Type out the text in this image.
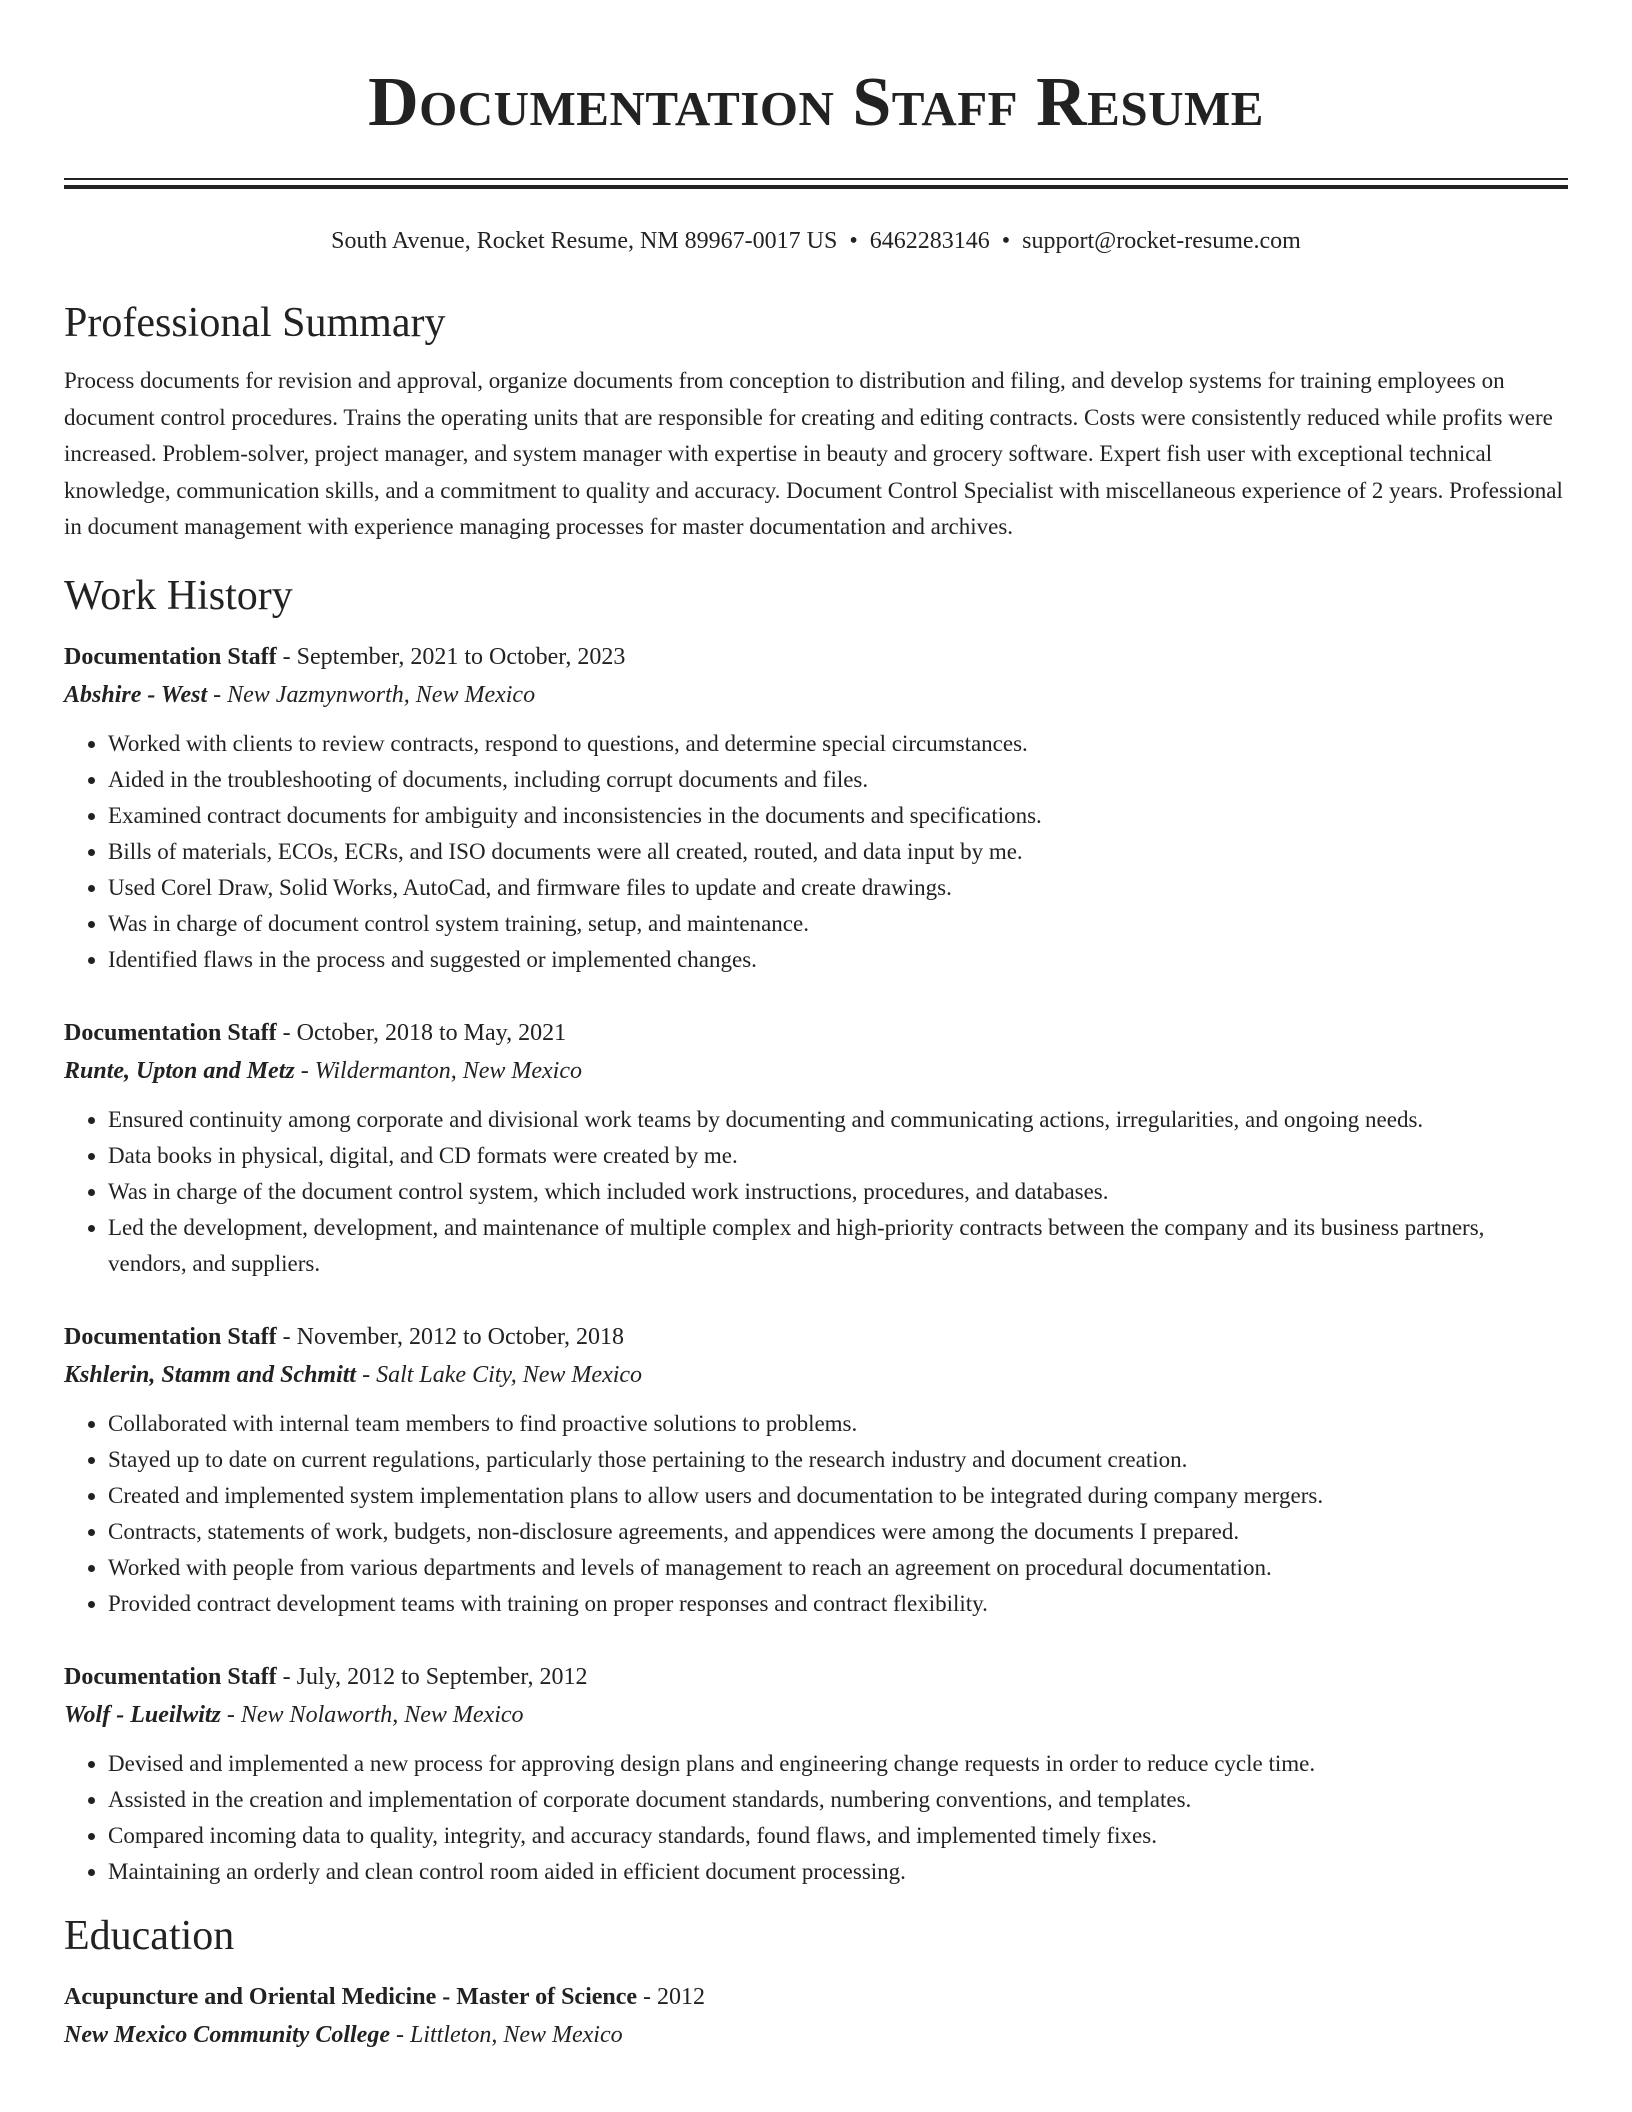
Documentation Staff Resume
South Avenue, Rocket Resume, NM 89967-0017 US • 6462283146 • support@rocket-resume.com
Professional Summary

Process documents for revision and approval, organize documents from conception to distribution and filing, and develop systems for training employees on document control procedures. Trains the operating units that are responsible for creating and editing contracts. Costs were consistently reduced while profits were increased. Problem-solver, project manager, and system manager with expertise in beauty and grocery software. Expert fish user with exceptional technical knowledge, communication skills, and a commitment to quality and accuracy. Document Control Specialist with miscellaneous experience of 2 years. Professional in document management with experience managing processes for master documentation and archives.

Work History
Documentation Staff - September, 2021 to October, 2023
Abshire - West - New Jazmynworth, New Mexico
• Worked with clients to review contracts, respond to questions, and determine special circumstances.
• Aided in the troubleshooting of documents, including corrupt documents and files.
• Examined contract documents for ambiguity and inconsistencies in the documents and specifications.
• Bills of materials, ECOs, ECRs, and ISO documents were all created, routed, and data input by me.
• Used Corel Draw, Solid Works, AutoCad, and firmware files to update and create drawings.
• Was in charge of document control system training, setup, and maintenance.
• Identified flaws in the process and suggested or implemented changes.
Documentation Staff - October, 2018 to May, 2021
Runte, Upton and Metz - Wildermanton, New Mexico
• Ensured continuity among corporate and divisional work teams by documenting and communicating actions, irregularities, and ongoing needs.
• Data books in physical, digital, and CD formats were created by me.
• Was in charge of the document control system, which included work instructions, procedures, and databases.
• Led the development, development, and maintenance of multiple complex and high-priority contracts between the company and its business partners, vendors, and suppliers.
Documentation Staff - November, 2012 to October, 2018
Kshlerin, Stamm and Schmitt - Salt Lake City, New Mexico
• Collaborated with internal team members to find proactive solutions to problems.
• Stayed up to date on current regulations, particularly those pertaining to the research industry and document creation.
• Created and implemented system implementation plans to allow users and documentation to be integrated during company mergers.
• Contracts, statements of work, budgets, non-disclosure agreements, and appendices were among the documents I prepared.
• Worked with people from various departments and levels of management to reach an agreement on procedural documentation.
• Provided contract development teams with training on proper responses and contract flexibility.
Documentation Staff - July, 2012 to September, 2012
Wolf - Lueilwitz - New Nolaworth, New Mexico
• Devised and implemented a new process for approving design plans and engineering change requests in order to reduce cycle time.
• Assisted in the creation and implementation of corporate document standards, numbering conventions, and templates.
• Compared incoming data to quality, integrity, and accuracy standards, found flaws, and implemented timely fixes.
• Maintaining an orderly and clean control room aided in efficient document processing.
Education
Acupuncture and Oriental Medicine - Master of Science - 2012
New Mexico Community College - Littleton, New Mexico
